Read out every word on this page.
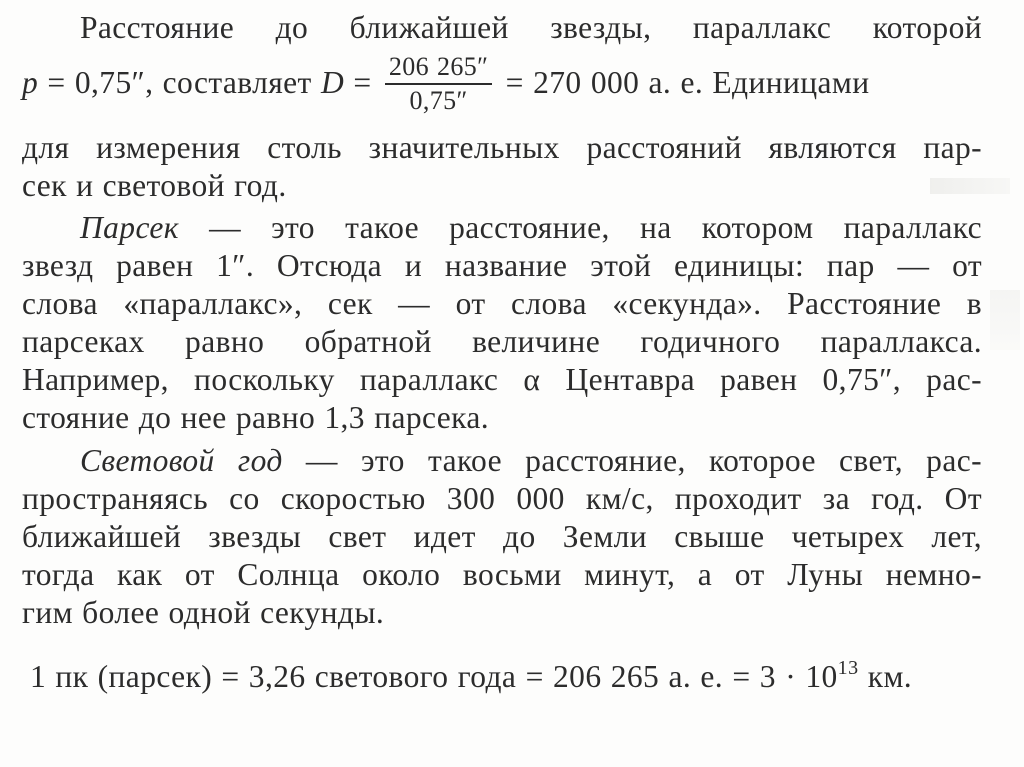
Расстояние до ближайшей звезды, параллакс которой
p = 0,75″, составляет $D = \frac{206 265''}{0,75''} = 270$ 000 а. е. Единицами
для измерения столь значительных расстояний являются пар-
сек и световой год.
Парсек — это такое расстояние, на котором параллакс
звезд равен 1″. Отсюда и название этой единицы: пар — от
слова «параллакс», сек — от слова «секунда». Расстояние в
парсеках равно обратной величине годичного параллакса.
Например, поскольку параллакс α Центавра равен 0,75″, рас-
стояние до нее равно 1,3 парсека.
Световой год — это такое расстояние, которое свет, рас-
пространяясь со скоростью 300 000 км/с, проходит за год. От
ближайшей звезды свет идет до Земли свыше четырех лет,
тогда как от Солнца около восьми минут, а от Луны немно-
гим более одной секунды.
1 пк (парсек) = 3,26 светового года = 206 265 а. е. = $3 \cdot 10^{13}$ км.
